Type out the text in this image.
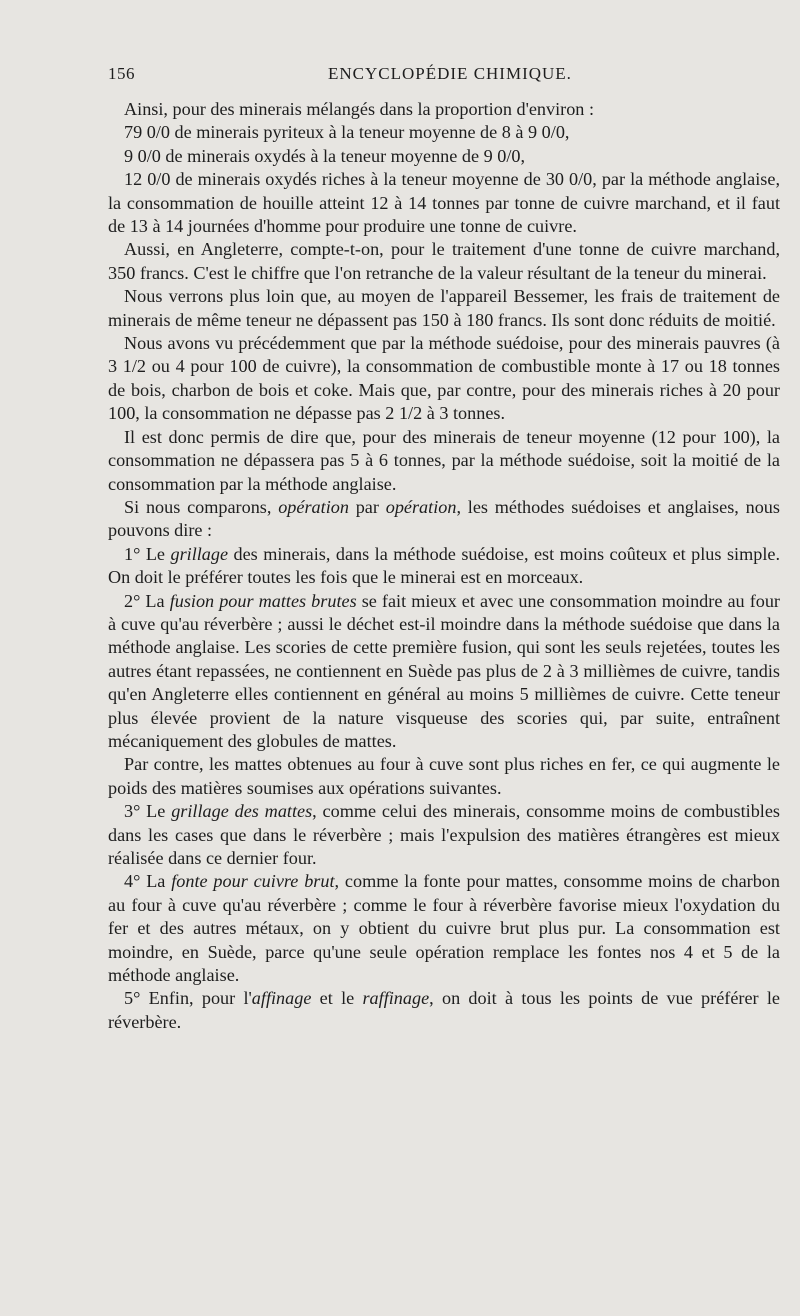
156	ENCYCLOPÉDIE CHIMIQUE.

Ainsi, pour des minerais mélangés dans la proportion d'environ :

79 0/0 de minerais pyriteux à la teneur moyenne de 8 à 9 0/0,

9 0/0 de minerais oxydés à la teneur moyenne de 9 0/0,

12 0/0 de minerais oxydés riches à la teneur moyenne de 30 0/0, par la méthode anglaise, la consommation de houille atteint 12 à 14 tonnes par tonne de cuivre marchand, et il faut de 13 à 14 journées d'homme pour produire une tonne de cuivre.

Aussi, en Angleterre, compte-t-on, pour le traitement d'une tonne de cuivre marchand, 350 francs. C'est le chiffre que l'on retranche de la valeur résultant de la teneur du minerai.

Nous verrons plus loin que, au moyen de l'appareil Bessemer, les frais de traitement de minerais de même teneur ne dépassent pas 150 à 180 francs. Ils sont donc réduits de moitié.

Nous avons vu précédemment que par la méthode suédoise, pour des minerais pauvres (à 3 1/2 ou 4 pour 100 de cuivre), la consommation de combustible monte à 17 ou 18 tonnes de bois, charbon de bois et coke. Mais que, par contre, pour des minerais riches à 20 pour 100, la consommation ne dépasse pas 2 1/2 à 3 tonnes.

Il est donc permis de dire que, pour des minerais de teneur moyenne (12 pour 100), la consommation ne dépassera pas 5 à 6 tonnes, par la méthode suédoise, soit la moitié de la consommation par la méthode anglaise.

Si nous comparons, opération par opération, les méthodes suédoises et anglaises, nous pouvons dire :

1° Le grillage des minerais, dans la méthode suédoise, est moins coûteux et plus simple. On doit le préférer toutes les fois que le minerai est en morceaux.

2° La fusion pour mattes brutes se fait mieux et avec une consommation moindre au four à cuve qu'au réverbère ; aussi le déchet est-il moindre dans la méthode suédoise que dans la méthode anglaise. Les scories de cette première fusion, qui sont les seuls rejetées, toutes les autres étant repassées, ne contiennent en Suède pas plus de 2 à 3 millièmes de cuivre, tandis qu'en Angleterre elles contiennent en général au moins 5 millièmes de cuivre. Cette teneur plus élevée provient de la nature visqueuse des scories qui, par suite, entraînent mécaniquement des globules de mattes.

Par contre, les mattes obtenues au four à cuve sont plus riches en fer, ce qui augmente le poids des matières soumises aux opérations suivantes.

3° Le grillage des mattes, comme celui des minerais, consomme moins de combustibles dans les cases que dans le réverbère ; mais l'expulsion des matières étrangères est mieux réalisée dans ce dernier four.

4° La fonte pour cuivre brut, comme la fonte pour mattes, consomme moins de charbon au four à cuve qu'au réverbère ; comme le four à réverbère favorise mieux l'oxydation du fer et des autres métaux, on y obtient du cuivre brut plus pur. La consommation est moindre, en Suède, parce qu'une seule opération remplace les fontes nos 4 et 5 de la méthode anglaise.

5° Enfin, pour l'affinage et le raffinage, on doit à tous les points de vue préférer le réverbère.
